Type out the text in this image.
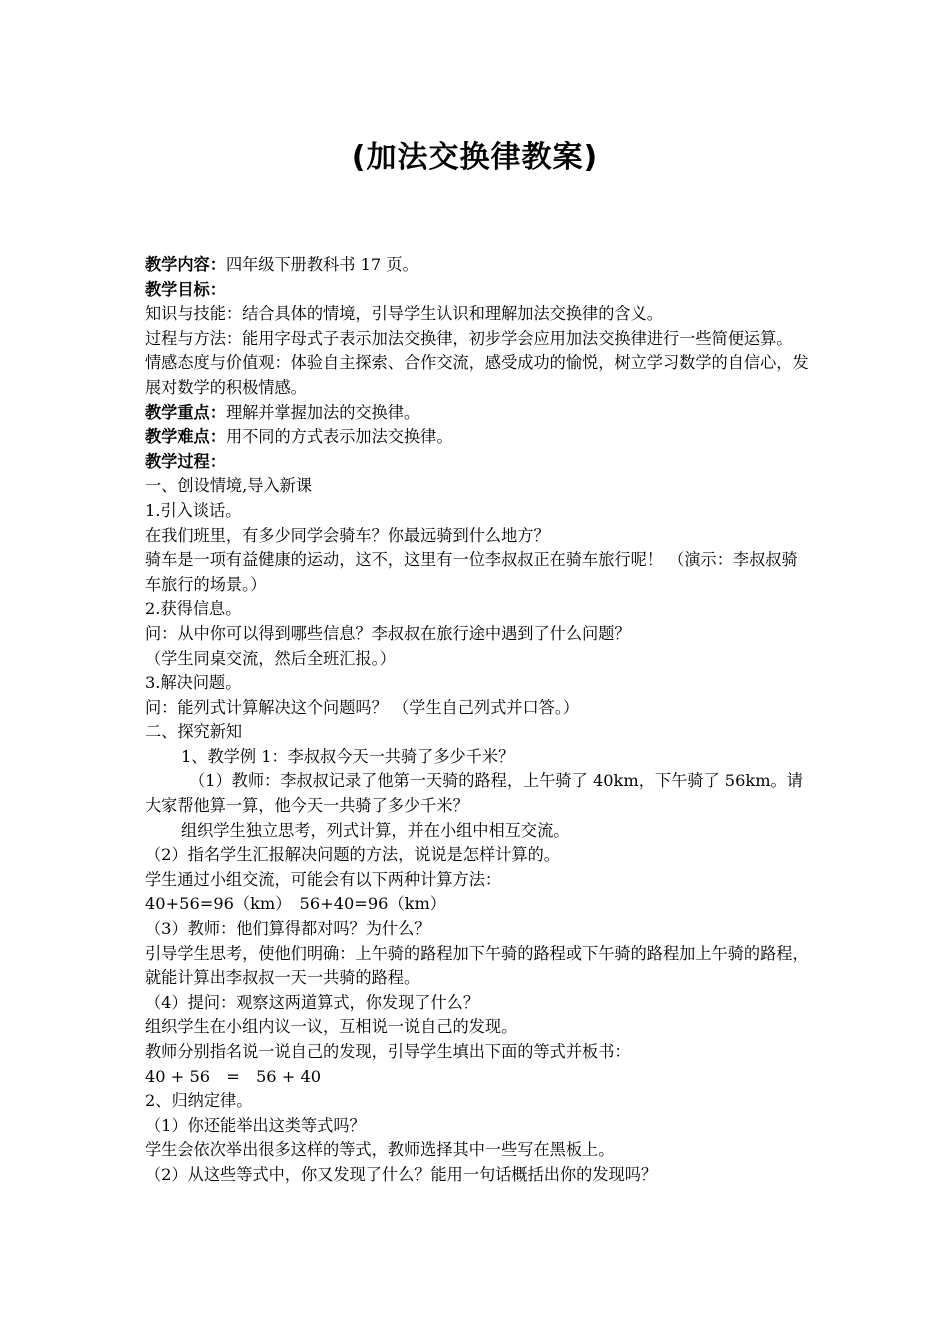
(加法交换律教案)

教学内容：四年级下册教科书 17 页。

教学目标：

知识与技能：结合具体的情境，引导学生认识和理解加法交换律的含义。

过程与方法：能用字母式子表示加法交换律，初步学会应用加法交换律进行一些简便运算。

情感态度与价值观：体验自主探索、合作交流，感受成功的愉悦，树立学习数学的自信心，发展对数学的积极情感。

教学重点：理解并掌握加法的交换律。

教学难点：用不同的方式表示加法交换律。

教学过程：

一、创设情境,导入新课

1.引入谈话。

在我们班里，有多少同学会骑车？你最远骑到什么地方？

骑车是一项有益健康的运动，这不，这里有一位李叔叔正在骑车旅行呢！ （演示：李叔叔骑车旅行的场景。）

2.获得信息。

问：从中你可以得到哪些信息？李叔叔在旅行途中遇到了什么问题？

（学生同桌交流，然后全班汇报。）

3.解决问题。

问：能列式计算解决这个问题吗？ （学生自己列式并口答。）

二、探究新知

1、教学例 1：李叔叔今天一共骑了多少千米？

（1）教师：李叔叔记录了他第一天骑的路程，上午骑了 40km，下午骑了 56km。请大家帮他算一算，他今天一共骑了多少千米？

组织学生独立思考，列式计算，并在小组中相互交流。

（2）指名学生汇报解决问题的方法，说说是怎样计算的。

学生通过小组交流，可能会有以下两种计算方法：

40+56=96（km）　56+40=96（km）

（3）教师：他们算得都对吗？为什么？

引导学生思考，使他们明确：上午骑的路程加下午骑的路程或下午骑的路程加上午骑的路程，就能计算出李叔叔一天一共骑的路程。

（4）提问：观察这两道算式，你发现了什么？

组织学生在小组内议一议，互相说一说自己的发现。

教师分别指名说一说自己的发现，引导学生填出下面的等式并板书：

40 + 56　=　56 + 40

2、归纳定律。

（1）你还能举出这类等式吗？

学生会依次举出很多这样的等式，教师选择其中一些写在黑板上。

（2）从这些等式中，你又发现了什么？能用一句话概括出你的发现吗？
